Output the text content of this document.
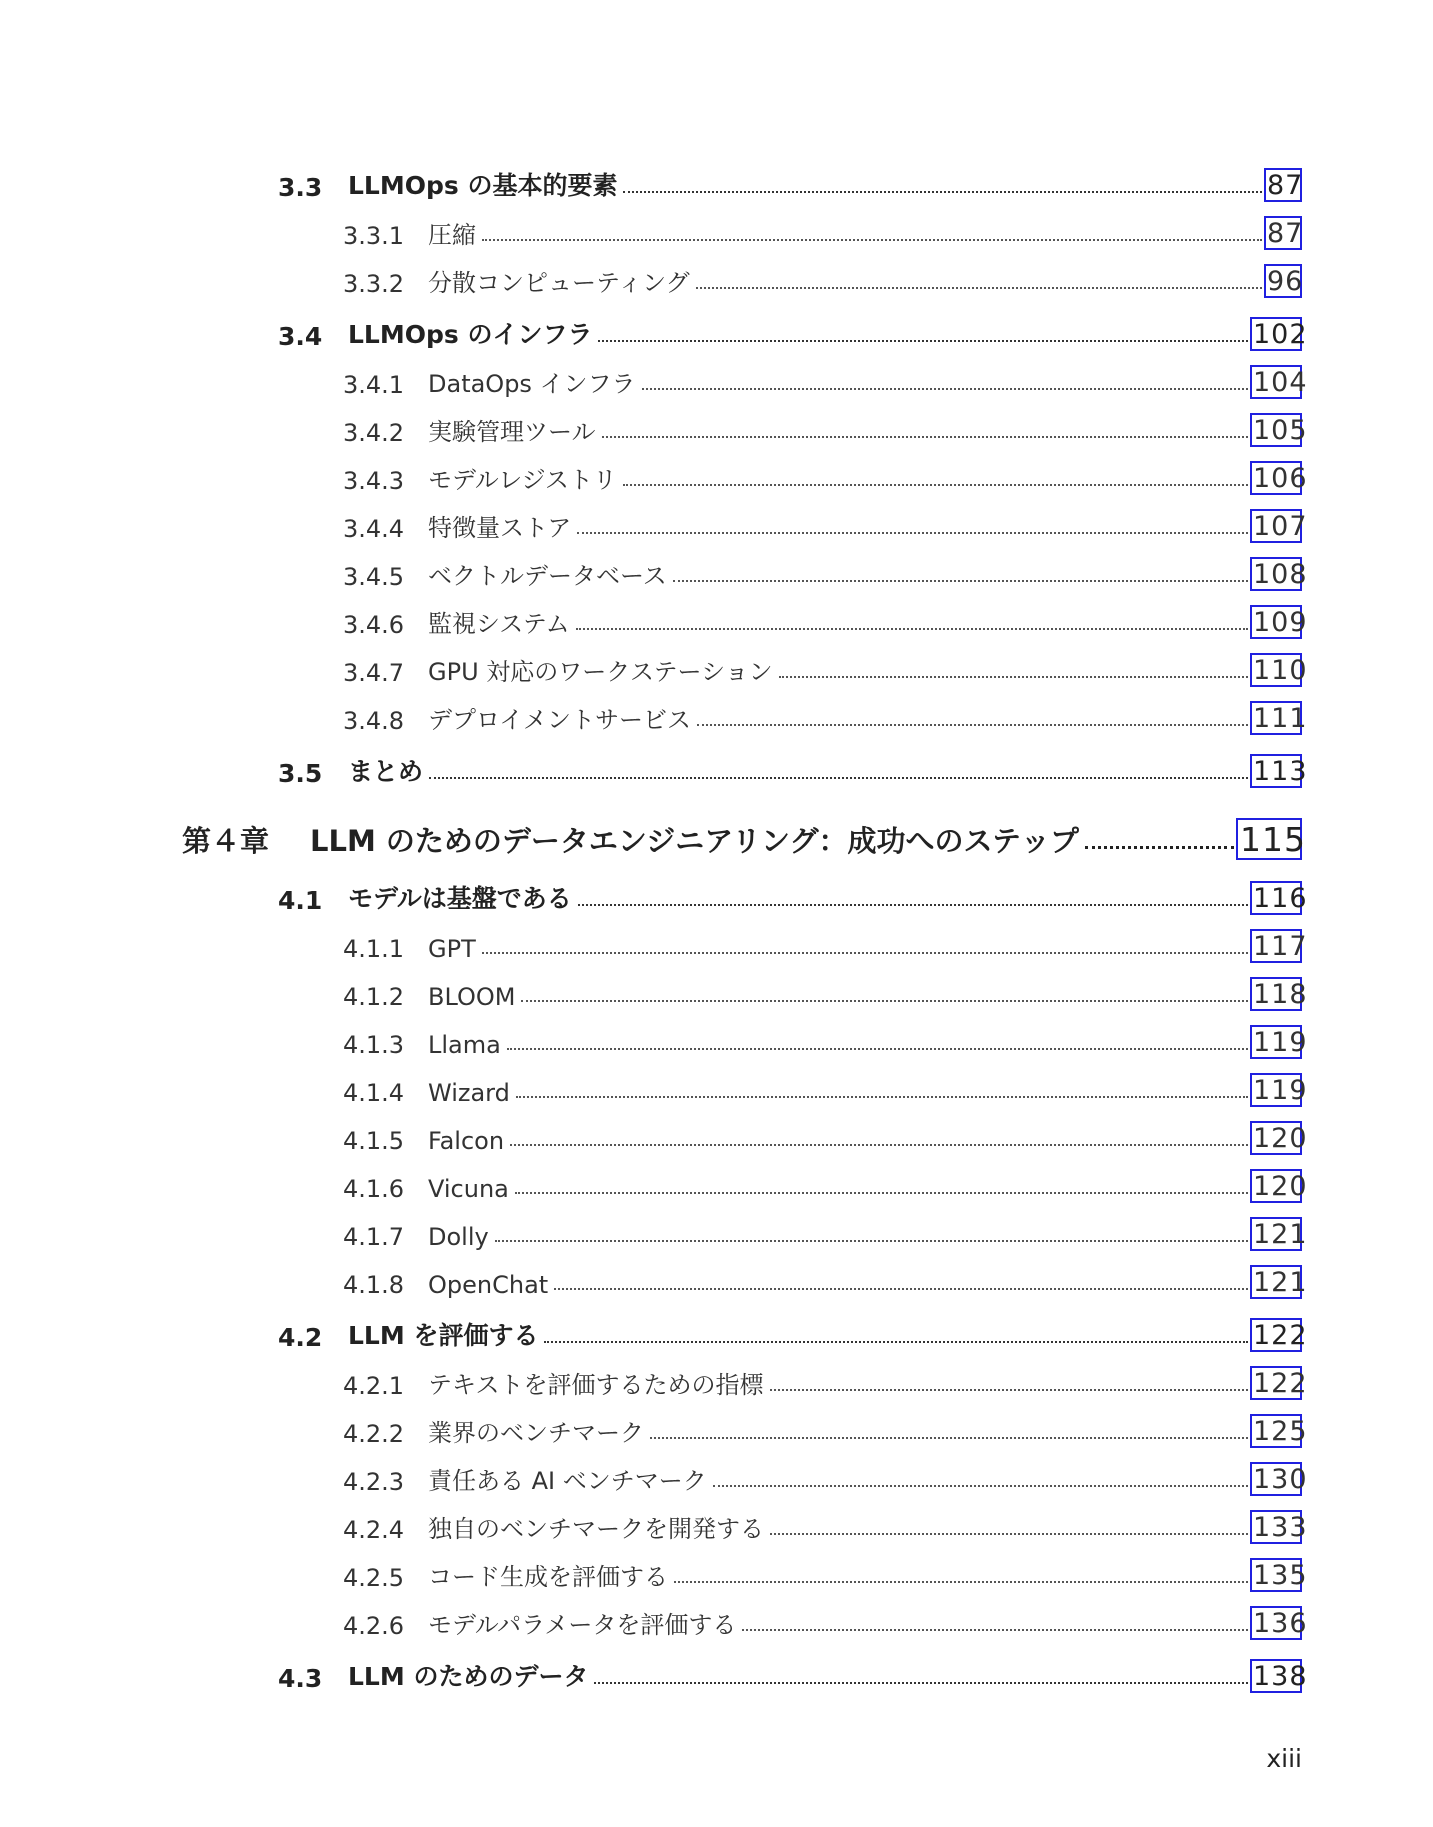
3.3	LLMOps の基本的要素	87
3.3.1 圧縮	87
3.3.2 分散コンピューティング	96
3.4	LLMOps のインフラ	102
3.4.1 DataOps インフラ	104
3.4.2 実験管理ツール	105
3.4.3 モデルレジストリ	106
3.4.4 特徴量ストア	107
3.4.5 ベクトルデータベース	108
3.4.6 監視システム	109
3.4.7 GPU 対応のワークステーション	110
3.4.8 デプロイメントサービス	111
3.5	まとめ	113
第４章	LLM のためのデータエンジニアリング：成功へのステップ	115
4.1	モデルは基盤である	116
4.1.1 GPT	117
4.1.2 BLOOM	118
4.1.3 Llama	119
4.1.4 Wizard	119
4.1.5 Falcon	120
4.1.6 Vicuna	120
4.1.7 Dolly	121
4.1.8 OpenChat	121
4.2	LLM を評価する	122
4.2.1 テキストを評価するための指標	122
4.2.2 業界のベンチマーク	125
4.2.3 責任ある AI ベンチマーク	130
4.2.4 独自のベンチマークを開発する	133
4.2.5 コード生成を評価する	135
4.2.6 モデルパラメータを評価する	136
4.3	LLM のためのデータ	138
xiii
